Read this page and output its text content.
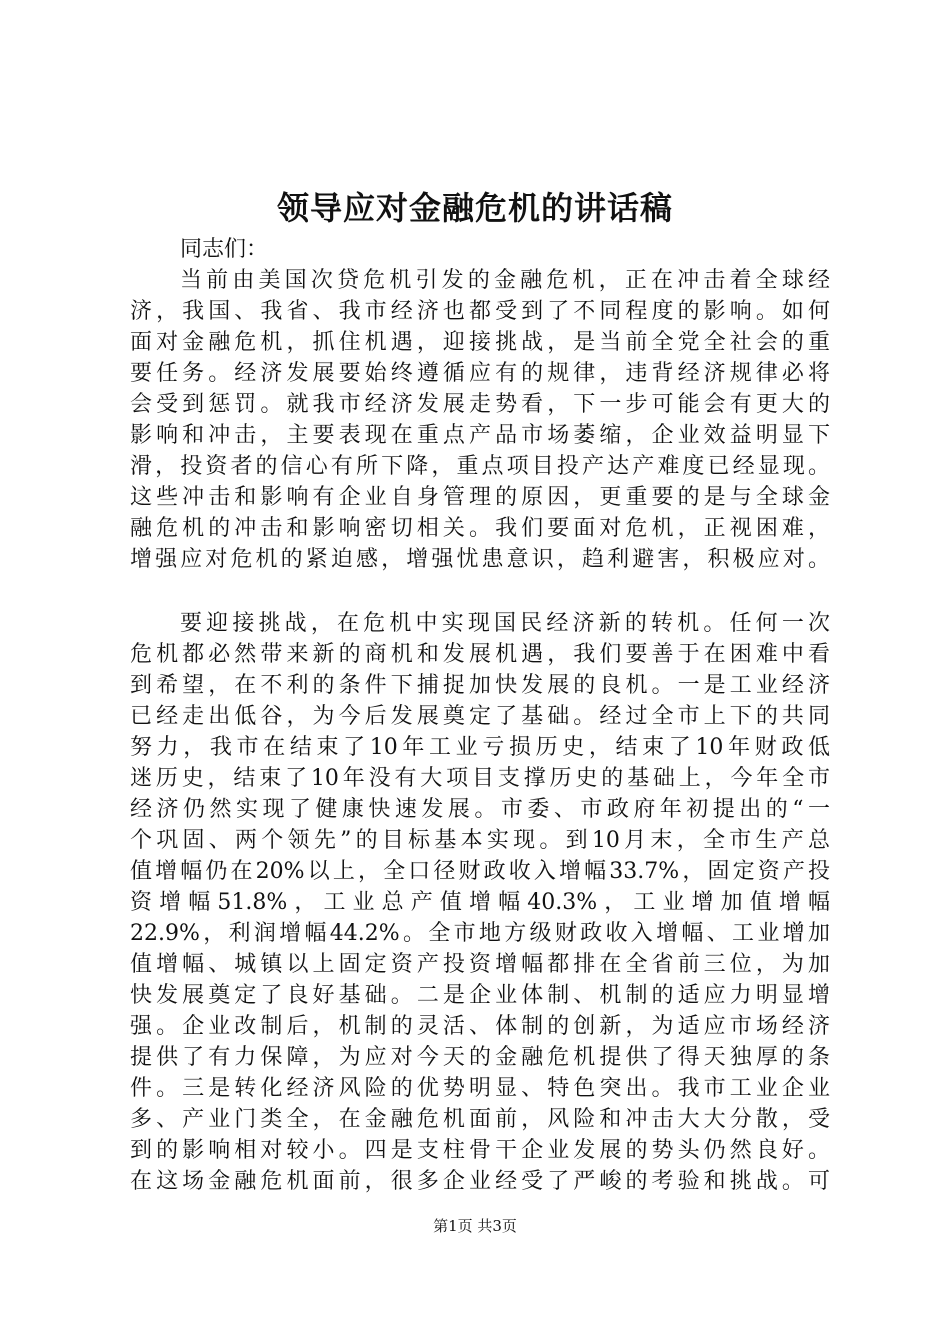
领导应对金融危机的讲话稿
同志们：
当前由美国次贷危机引发的金融危机，正在冲击着全球经
济，我国、我省、我市经济也都受到了不同程度的影响。如何
面对金融危机，抓住机遇，迎接挑战，是当前全党全社会的重
要任务。经济发展要始终遵循应有的规律，违背经济规律必将
会受到惩罚。就我市经济发展走势看，下一步可能会有更大的
影响和冲击，主要表现在重点产品市场萎缩，企业效益明显下
滑，投资者的信心有所下降，重点项目投产达产难度已经显现。
这些冲击和影响有企业自身管理的原因，更重要的是与全球金
融危机的冲击和影响密切相关。我们要面对危机，正视困难，
增强应对危机的紧迫感，增强忧患意识，趋利避害，积极应对。
要迎接挑战，在危机中实现国民经济新的转机。任何一次
危机都必然带来新的商机和发展机遇，我们要善于在困难中看
到希望，在不利的条件下捕捉加快发展的良机。一是工业经济
已经走出低谷，为今后发展奠定了基础。经过全市上下的共同
努力，我市在结束了10年工业亏损历史，结束了10年财政低
迷历史，结束了10年没有大项目支撑历史的基础上，今年全市
经济仍然实现了健康快速发展。市委、市政府年初提出的“一
个巩固、两个领先”的目标基本实现。到10月末，全市生产总
值增幅仍在20%以上，全口径财政收入增幅33.7%，固定资产投
资增幅51.8%，工业总产值增幅40.3%，工业增加值增幅
22.9%，利润增幅44.2%。全市地方级财政收入增幅、工业增加
值增幅、城镇以上固定资产投资增幅都排在全省前三位，为加
快发展奠定了良好基础。二是企业体制、机制的适应力明显增
强。企业改制后，机制的灵活、体制的创新，为适应市场经济
提供了有力保障，为应对今天的金融危机提供了得天独厚的条
件。三是转化经济风险的优势明显、特色突出。我市工业企业
多、产业门类全，在金融危机面前，风险和冲击大大分散，受
到的影响相对较小。四是支柱骨干企业发展的势头仍然良好。
在这场金融危机面前，很多企业经受了严峻的考验和挑战。可
第1页 共3页
